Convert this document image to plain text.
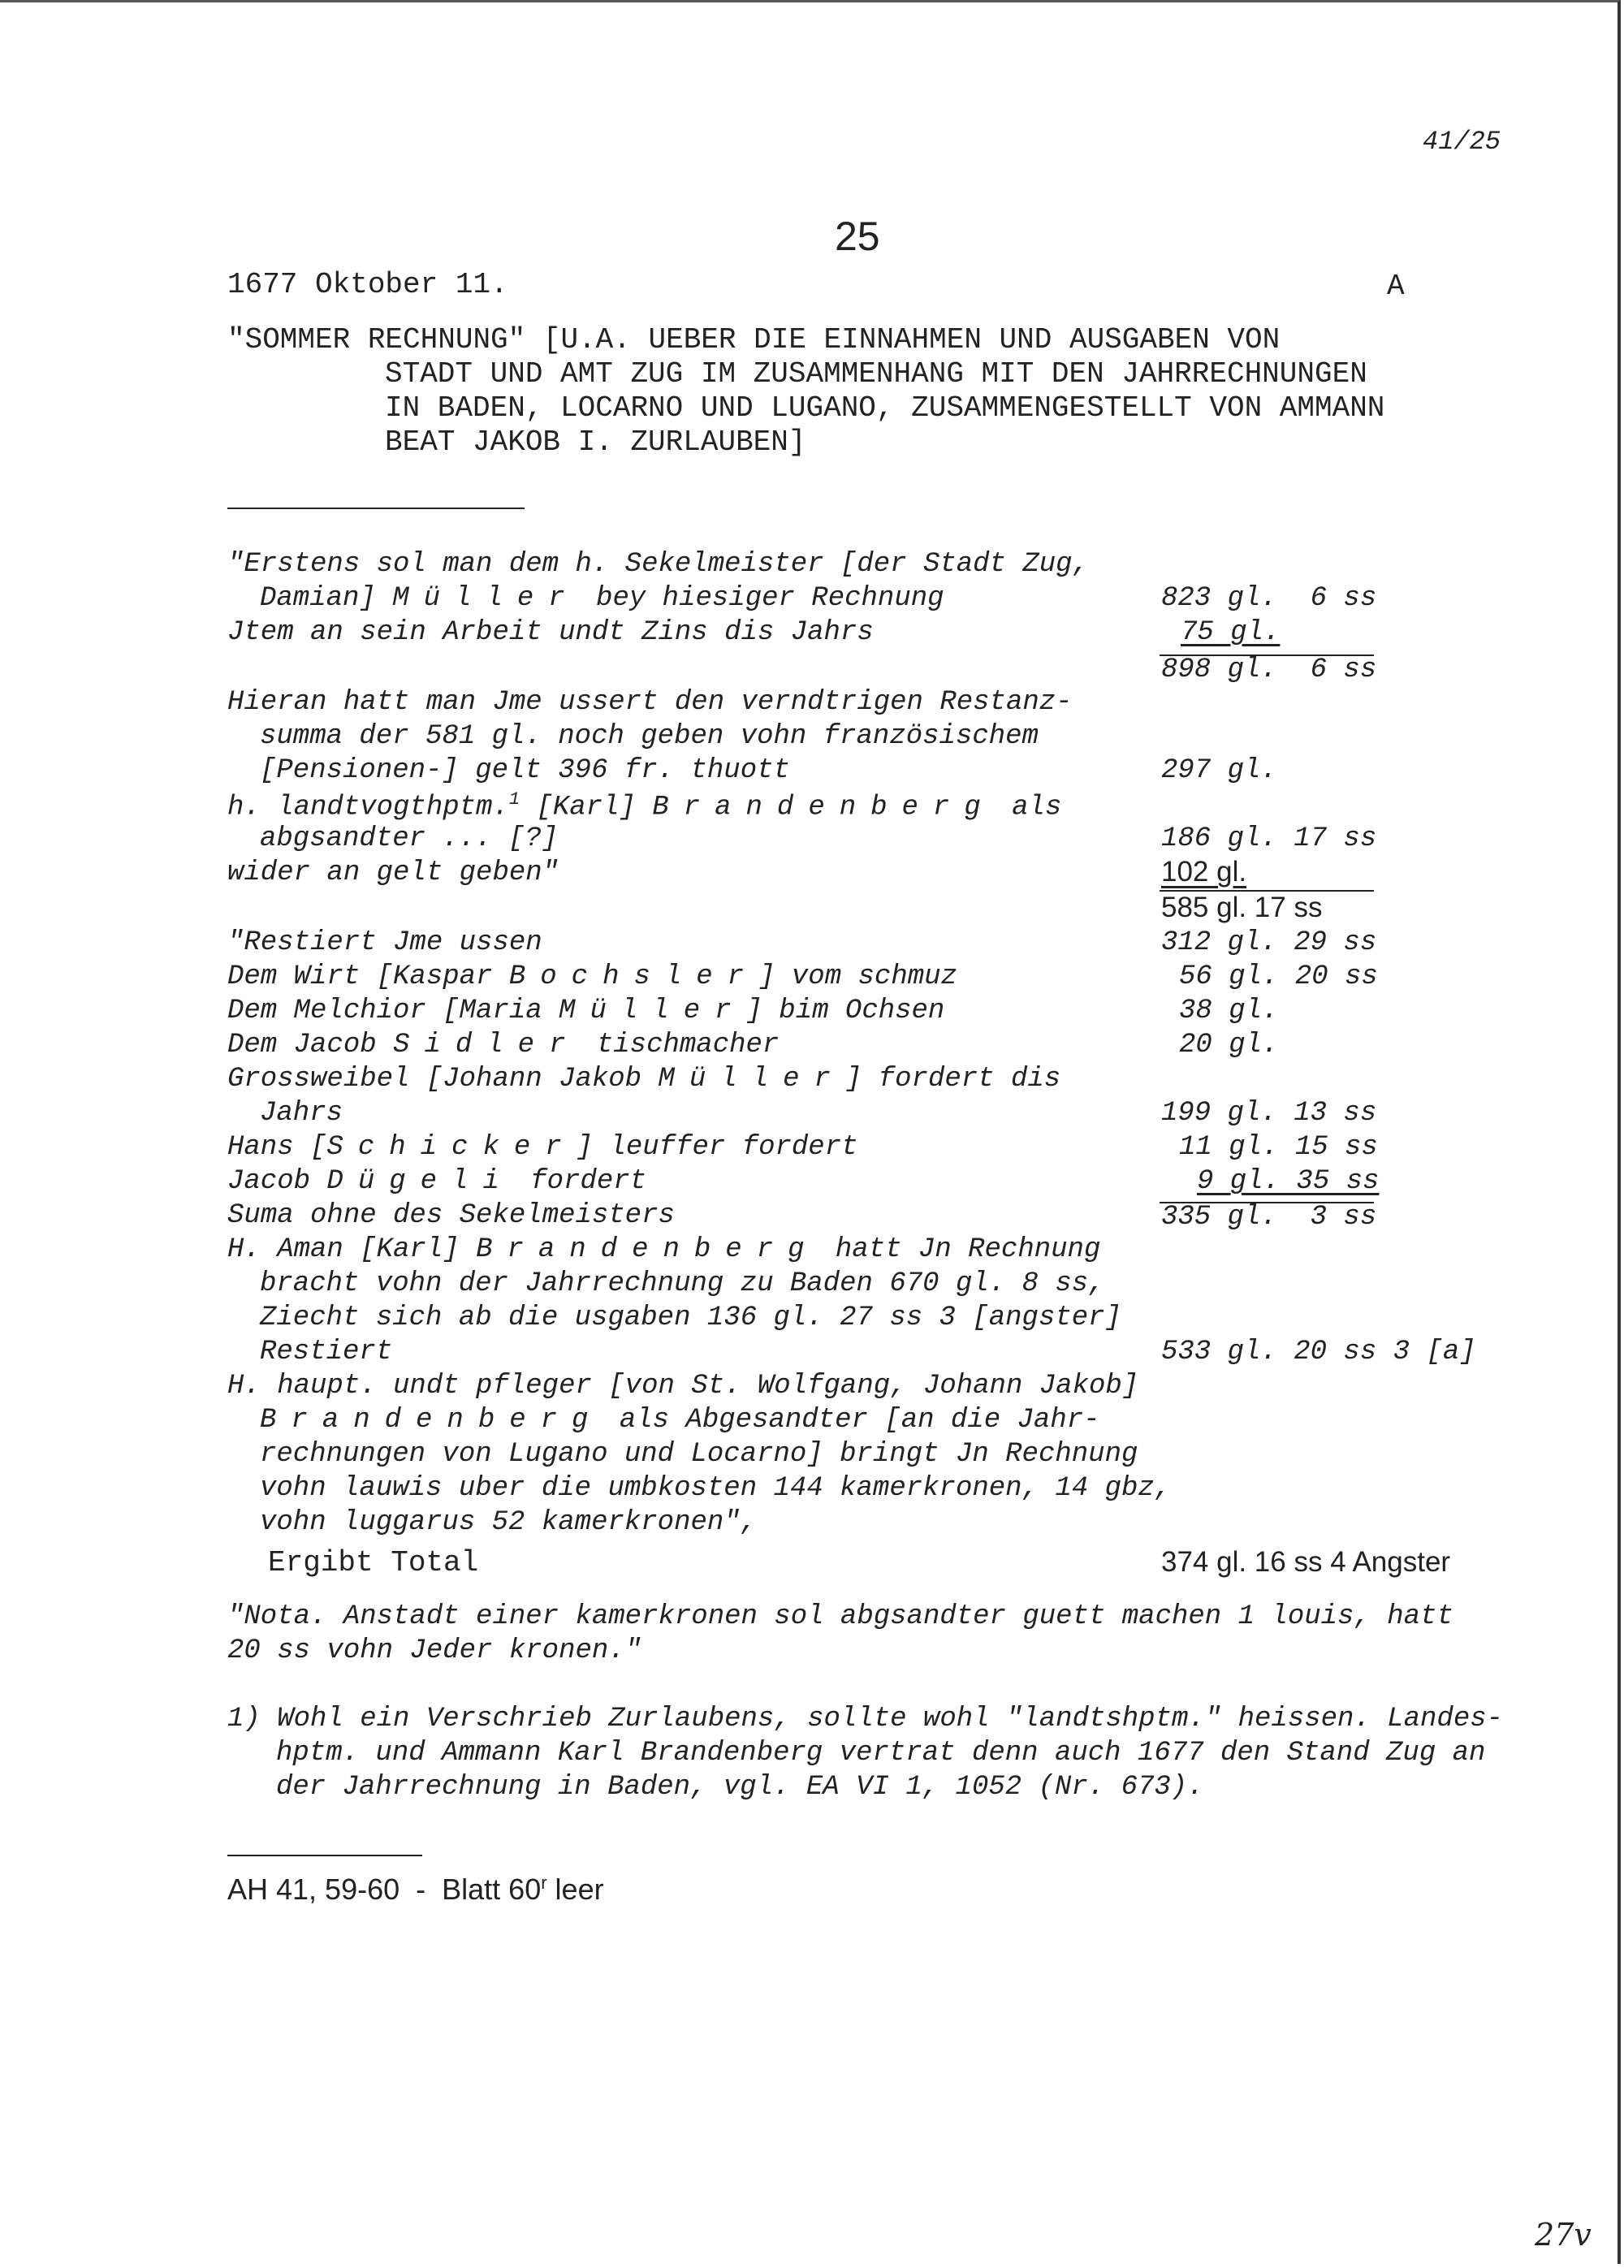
41/25
25
1677 Oktober 11.	A
"SOMMER RECHNUNG" [U.A. UEBER DIE EINNAHMEN UND AUSGABEN VON
STADT UND AMT ZUG IM ZUSAMMENHANG MIT DEN JAHRRECHNUNGEN
IN BADEN, LOCARNO UND LUGANO, ZUSAMMENGESTELLT VON AMMANN
BEAT JAKOB I. ZURLAUBEN]
"Erstens sol man dem h. Sekelmeister [der Stadt Zug,
Damian] Müller bey hiesiger Rechnung
Jtem an sein Arbeit undt Zins dis Jahrs
Hieran hatt man Jme ussert den verndtrigen Restanz-
summa der 581 gl. noch geben vohn französischem
[Pensionen-] gelt 396 fr. thuott
h. landtvogthptm.$^1$ [Karl] Brandenberg als
abgsandter ... [?]
wider an gelt geben"
"Restiert Jme ussen
Dem Wirt [Kaspar Bochsler] vom schmuz
Dem Melchior [Maria Müller] bim Ochsen
Dem Jacob Sidler tischmacher
Grossweibel [Johann Jakob Müller] fordert dis
Jahrs
Hans [Schicker] leuffer fordert
Jacob Dügeli fordert
Suma ohne des Sekelmeisters
H. Aman [Karl] Brandenberg hatt Jn Rechnung
bracht vohn der Jahrrechnung zu Baden 670 gl. 8 ss,
Ziecht sich ab die usgaben 136 gl. 27 ss 3 [angster]
Restiert
H. haupt. undt pfleger [von St. Wolfgang, Johann Jakob]
Brandenberg als Abgesandter [an die Jahr-
rechnungen von Lugano und Locarno] bringt Jn Rechnung
vohn lauwis uber die umbkosten 144 kamerkronen, 14 gbz,
vohn luggarus 52 kamerkronen",
Ergibt Total
823 gl.  6 ss
75 gl.
898 gl.  6 ss
297 gl.
186 gl. 17 ss
102 gl.
585 gl. 17 ss
312 gl. 29 ss
56 gl. 20 ss
38 gl.
20 gl.
199 gl. 13 ss
11 gl. 15 ss
9 gl. 35 ss
335 gl.  3 ss
533 gl. 20 ss 3 [a]
374 gl. 16 ss 4 Angster
"Nota. Anstadt einer kamerkronen sol abgsandter guett machen 1 louis, hatt
20 ss vohn Jeder kronen."
1) Wohl ein Verschrieb Zurlaubens, sollte wohl "landtshptm." heissen. Landes-
hptm. und Ammann Karl Brandenberg vertrat denn auch 1677 den Stand Zug an
der Jahrrechnung in Baden, vgl. EA VI 1, 1052 (Nr. 673).
AH 41, 59-60  -  Blatt 60$^r$ leer
27v
